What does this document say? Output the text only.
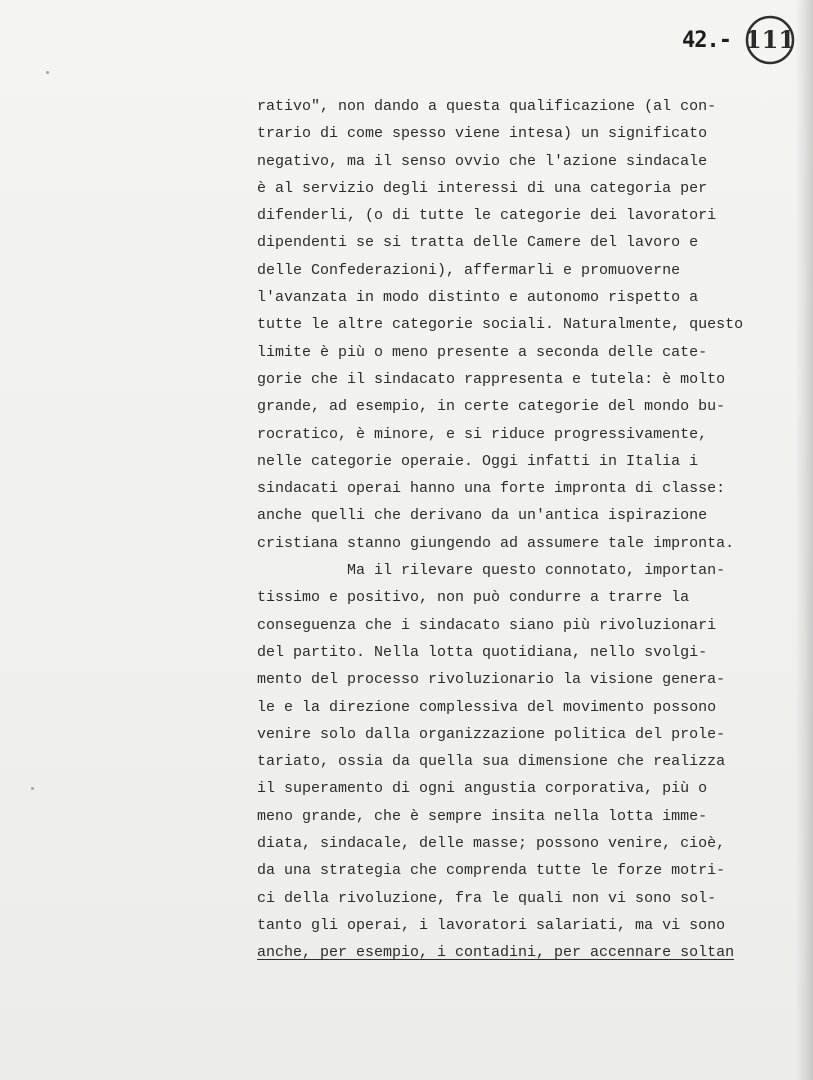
42.- 111
rativo", non dando a questa qualificazione (al con-
trario di come spesso viene intesa) un significato
negativo, ma il senso ovvio che l'azione sindacale
è al servizio degli interessi di una categoria per
difenderli, (o di tutte le categorie dei lavoratori
dipendenti se si tratta delle Camere del lavoro e
delle Confederazioni), affermarli e promuoverne
l'avanzata in modo distinto e autonomo rispetto a
tutte le altre categorie sociali. Naturalmente, questo
limite è più o meno presente a seconda delle cate-
gorie che il sindacato rappresenta e tutela: è molto
grande, ad esempio, in certe categorie del mondo bu-
rocratico, è minore, e si riduce progressivamente,
nelle categorie operaie. Oggi infatti in Italia i
sindacati operai hanno una forte impronta di classe:
anche quelli che derivano da un'antica ispirazione
cristiana stanno giungendo ad assumere tale impronta.
Ma il rilevare questo connotato, importan-
tissimo e positivo, non può condurre a trarre la
conseguenza che i sindacato siano più rivoluzionari
del partito. Nella lotta quotidiana, nello svolgi-
mento del processo rivoluzionario la visione genera-
le e la direzione complessiva del movimento possono
venire solo dalla organizzazione politica del prole-
tariato, ossia da quella sua dimensione che realizza
il superamento di ogni angustia corporativa, più o
meno grande, che è sempre insita nella lotta imme-
diata, sindacale, delle masse; possono venire, cioè,
da una strategia che comprenda tutte le forze motri-
ci della rivoluzione, fra le quali non vi sono sol-
tanto gli operai, i lavoratori salariati, ma vi sono
anche, per esempio, i contadini, per accennare soltan
